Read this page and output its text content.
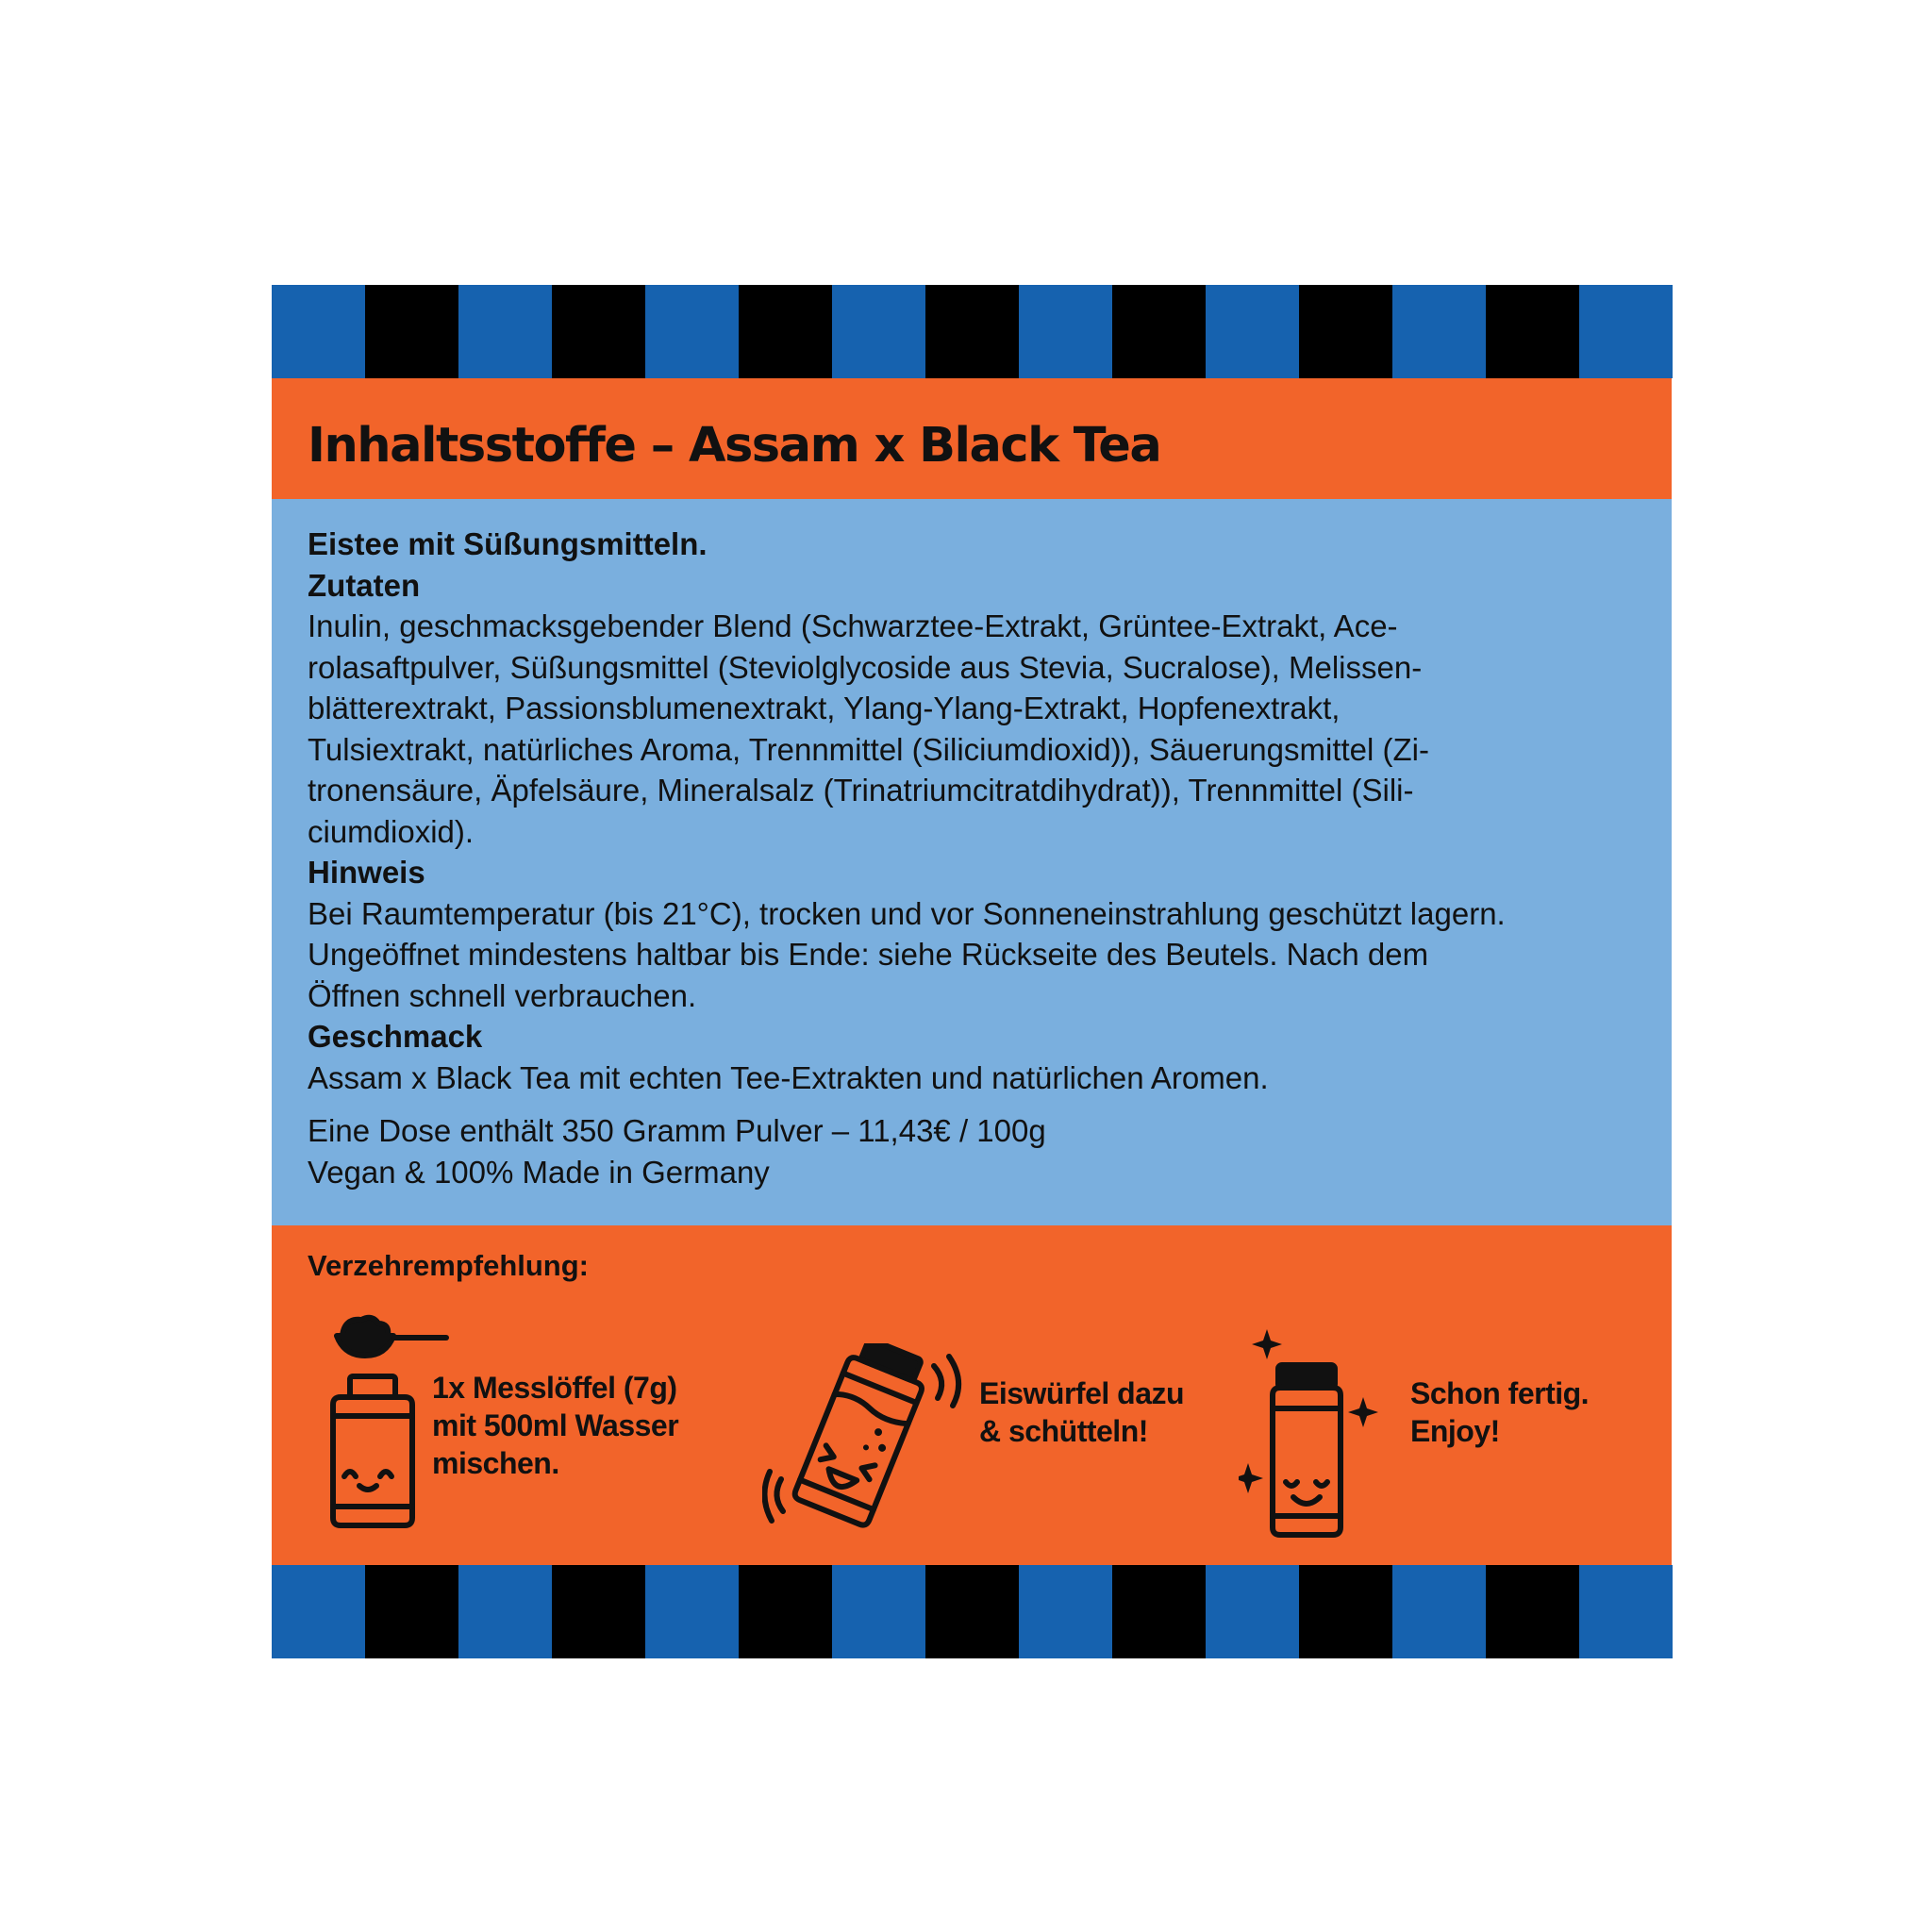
Inhaltsstoffe – Assam x Black Tea

Eistee mit Süßungsmitteln.

Zutaten

Inulin, geschmacksgebender Blend (Schwarztee-Extrakt, Grüntee-Extrakt, Ace-

rolasaftpulver, Süßungsmittel (Steviolglycoside aus Stevia, Sucralose), Melissen-

blätterextrakt, Passionsblumenextrakt, Ylang-Ylang-Extrakt, Hopfenextrakt,

Tulsiextrakt, natürliches Aroma, Trennmittel (Siliciumdioxid)), Säuerungsmittel (Zi-

tronensäure, Äpfelsäure, Mineralsalz (Trinatriumcitratdihydrat)), Trennmittel (Sili-

ciumdioxid).

Hinweis

Bei Raumtemperatur (bis 21°C), trocken und vor Sonneneinstrahlung geschützt lagern.

Ungeöffnet mindestens haltbar bis Ende: siehe Rückseite des Beutels. Nach dem

Öffnen schnell verbrauchen.

Geschmack

Assam x Black Tea mit echten Tee-Extrakten und natürlichen Aromen.

Eine Dose enthält 350 Gramm Pulver – 11,43€ / 100g

Vegan & 100% Made in Germany

Verzehrempfehlung:

1x Messlöffel (7g)
mit 500ml Wasser
mischen.

Eiswürfel dazu
& schütteln!

Schon fertig.
Enjoy!
